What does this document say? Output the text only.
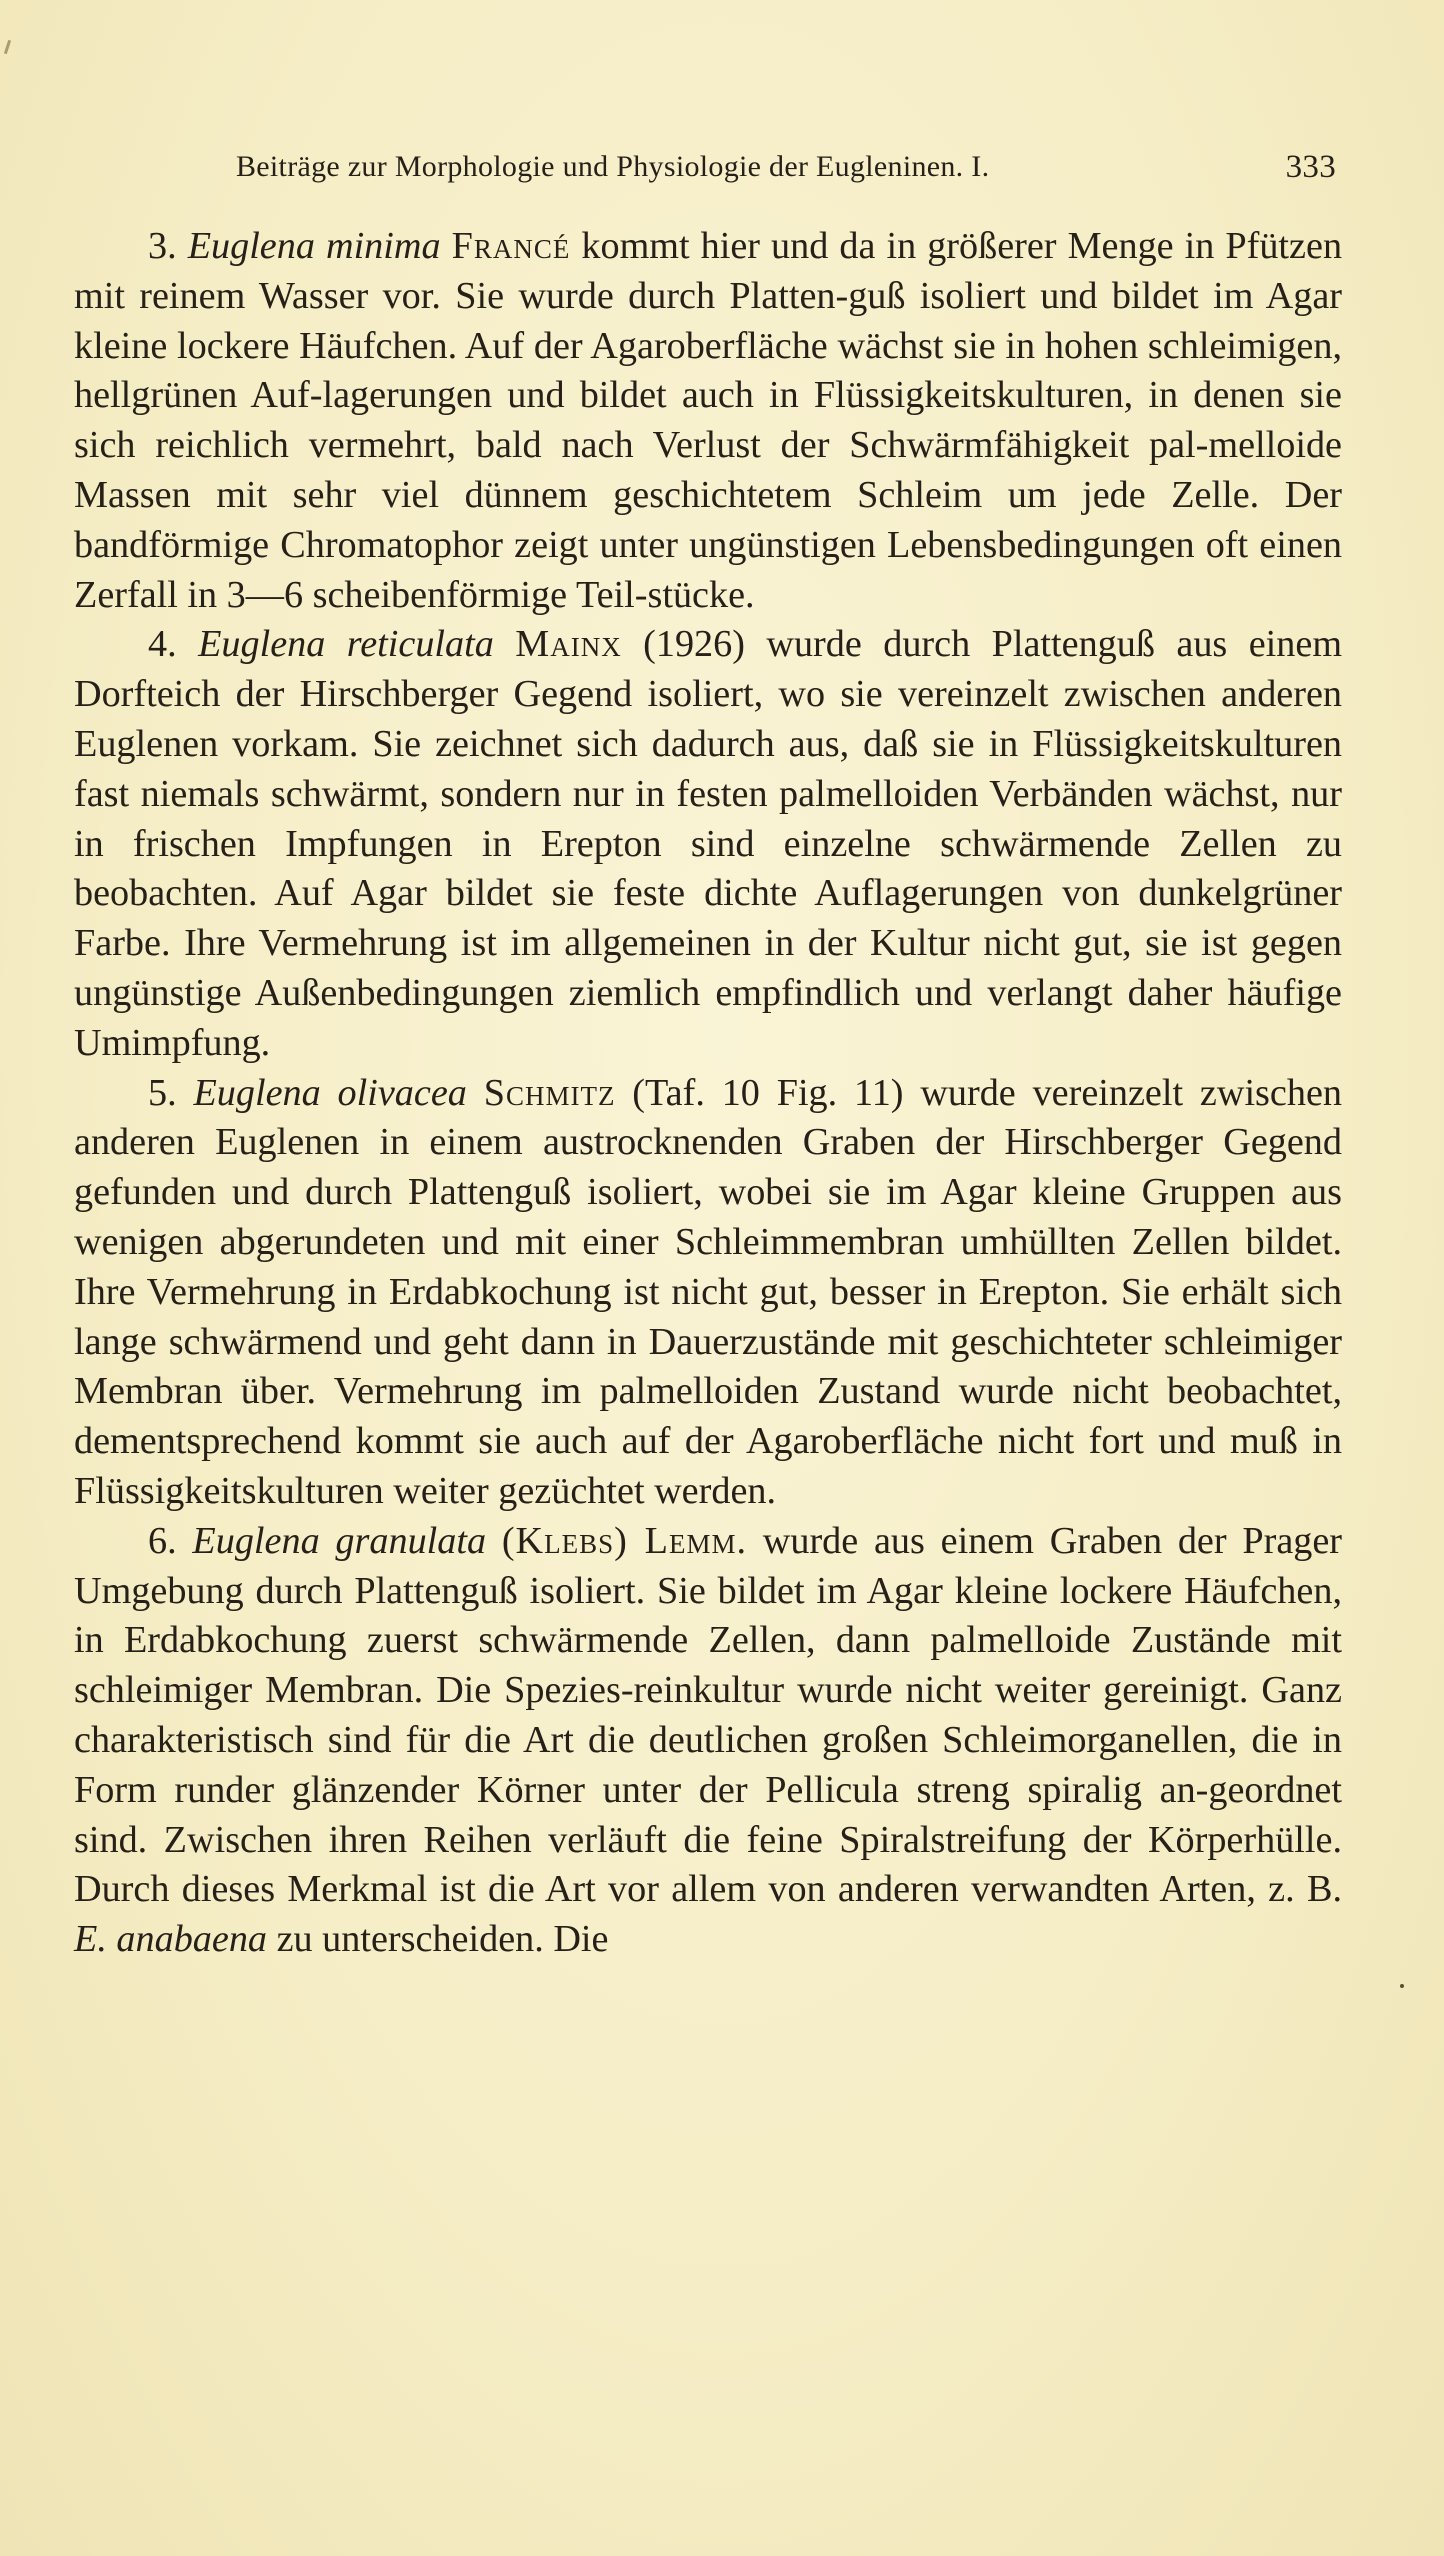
Beiträge zur Morphologie und Physiologie der Eugleninen. I.	333

3. Euglena minima Francé kommt hier und da in größerer Menge in Pfützen mit reinem Wasser vor. Sie wurde durch Platten-guß isoliert und bildet im Agar kleine lockere Häufchen. Auf der Agaroberfläche wächst sie in hohen schleimigen, hellgrünen Auf-lagerungen und bildet auch in Flüssigkeitskulturen, in denen sie sich reichlich vermehrt, bald nach Verlust der Schwärmfähigkeit pal-melloide Massen mit sehr viel dünnem geschichtetem Schleim um jede Zelle. Der bandförmige Chromatophor zeigt unter ungünstigen Lebensbedingungen oft einen Zerfall in 3—6 scheibenförmige Teil-stücke.

4. Euglena reticulata Mainx (1926) wurde durch Plattenguß aus einem Dorfteich der Hirschberger Gegend isoliert, wo sie vereinzelt zwischen anderen Euglenen vorkam. Sie zeichnet sich dadurch aus, daß sie in Flüssigkeitskulturen fast niemals schwärmt, sondern nur in festen palmelloiden Verbänden wächst, nur in frischen Impfungen in Erepton sind einzelne schwärmende Zellen zu beobachten. Auf Agar bildet sie feste dichte Auflagerungen von dunkelgrüner Farbe. Ihre Vermehrung ist im allgemeinen in der Kultur nicht gut, sie ist gegen ungünstige Außenbedingungen ziemlich empfindlich und verlangt daher häufige Umimpfung.

5. Euglena olivacea Schmitz (Taf. 10 Fig. 11) wurde vereinzelt zwischen anderen Euglenen in einem austrocknenden Graben der Hirschberger Gegend gefunden und durch Plattenguß isoliert, wobei sie im Agar kleine Gruppen aus wenigen abgerundeten und mit einer Schleimmembran umhüllten Zellen bildet. Ihre Vermehrung in Erdabkochung ist nicht gut, besser in Erepton. Sie erhält sich lange schwärmend und geht dann in Dauerzustände mit geschichteter schleimiger Membran über. Vermehrung im palmelloiden Zustand wurde nicht beobachtet, dementsprechend kommt sie auch auf der Agaroberfläche nicht fort und muß in Flüssigkeitskulturen weiter gezüchtet werden.

6. Euglena granulata (Klebs) Lemm. wurde aus einem Graben der Prager Umgebung durch Plattenguß isoliert. Sie bildet im Agar kleine lockere Häufchen, in Erdabkochung zuerst schwärmende Zellen, dann palmelloide Zustände mit schleimiger Membran. Die Spezies-reinkultur wurde nicht weiter gereinigt. Ganz charakteristisch sind für die Art die deutlichen großen Schleimorganellen, die in Form runder glänzender Körner unter der Pellicula streng spiralig an-geordnet sind. Zwischen ihren Reihen verläuft die feine Spiralstreifung der Körperhülle. Durch dieses Merkmal ist die Art vor allem von anderen verwandten Arten, z. B. E. anabaena zu unterscheiden. Die
